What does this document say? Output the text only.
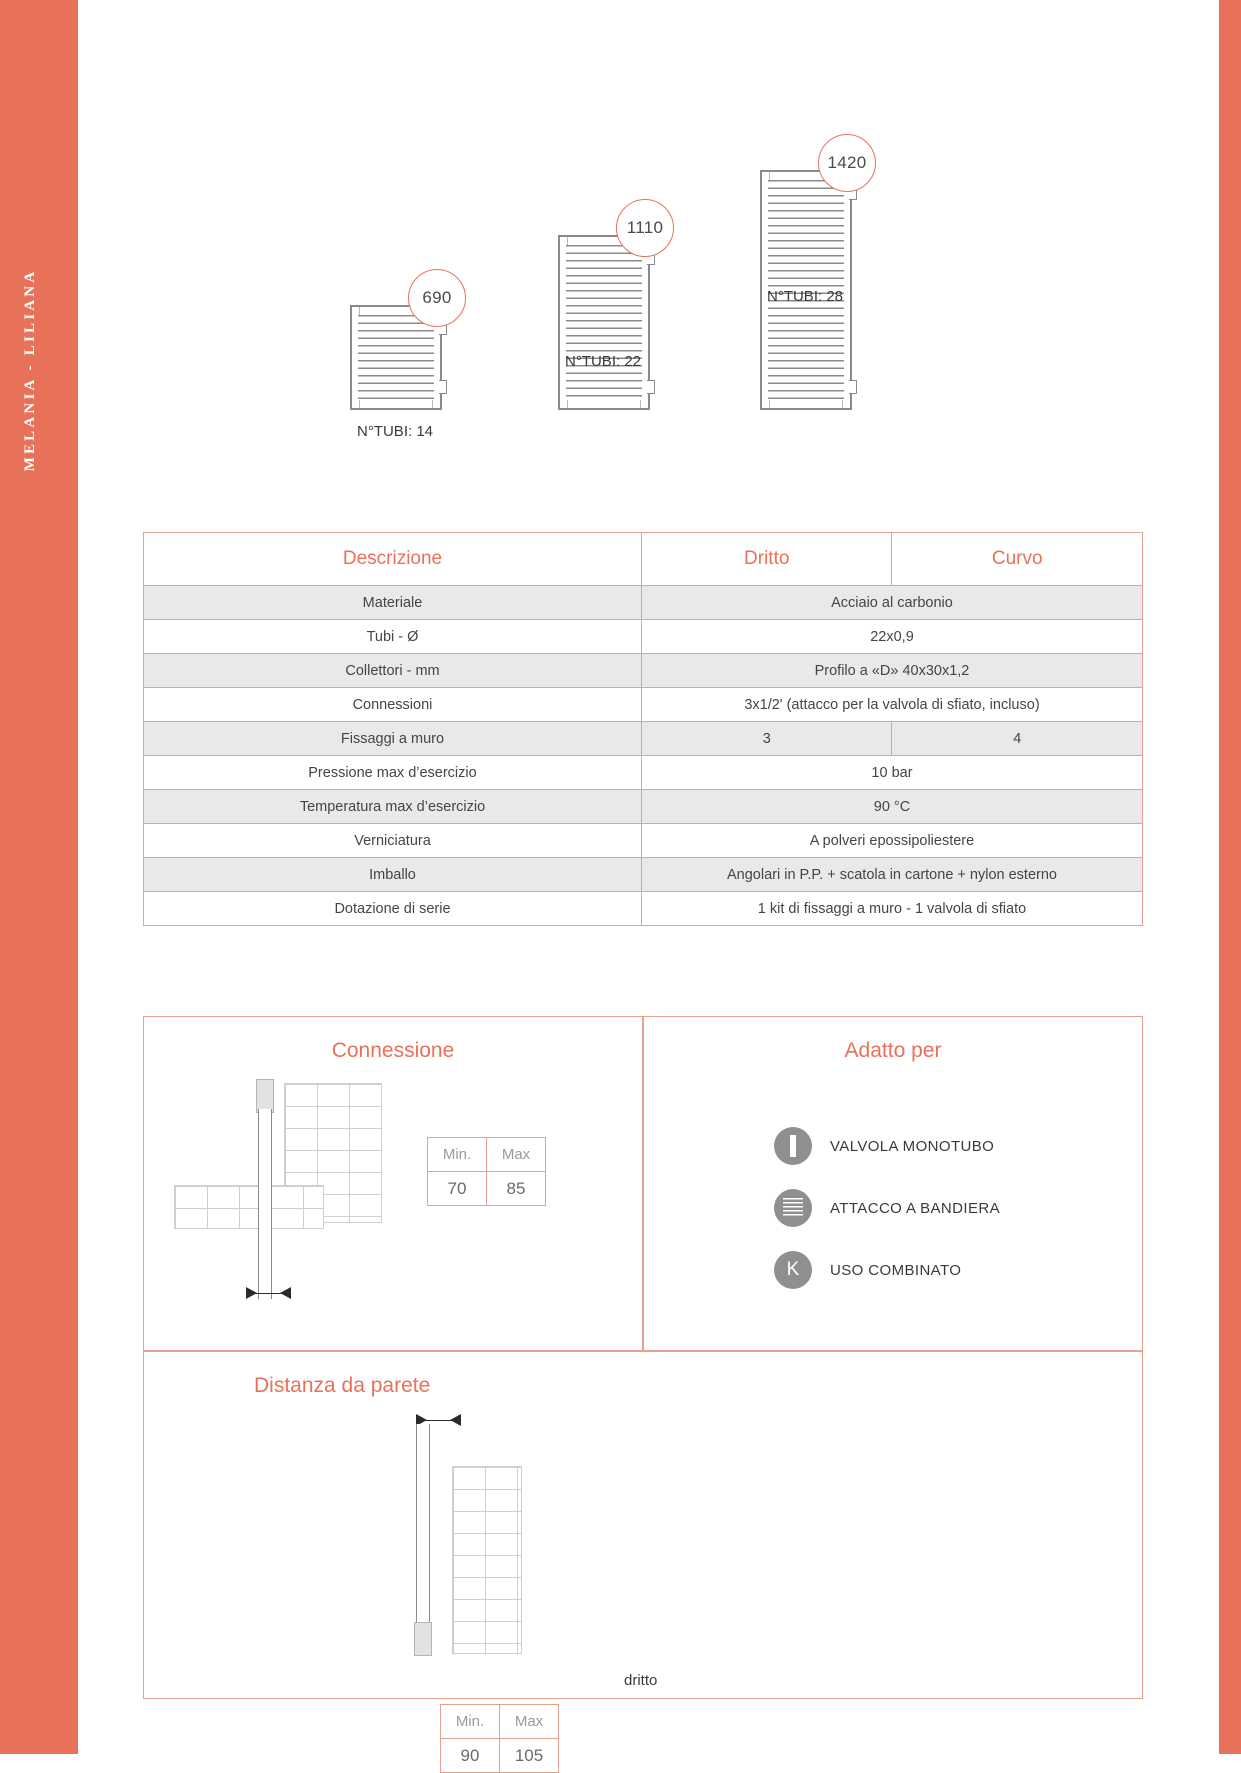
MELANIA - LILIANA	690
N°TUBI: 14
1110
N°TUBI: 22
1420
N°TUBI: 28
Descrizione	Dritto	Curvo
Materiale	Acciaio al carbonio	
Tubi - Ø	22x0,9	
Collettori - mm	Profilo a «D» 40x30x1,2	
Connessioni	3x1/2' (attacco per la valvola di sfiato, incluso)	
Fissaggi a muro	3	4
Pressione max d’esercizio	10 bar	
Temperatura max d’esercizio	90 °C	
Verniciatura	A polveri epossipoliestere	
Imballo	Angolari in P.P. + scatola in cartone + nylon esterno	
Dotazione di serie	1 kit di fissaggi a muro - 1 valvola di sfiato	
Connessione
Min.	Max
70	85
Adatto per
VALVOLA MONOTUBO
ATTACCO A BANDIERA
K	USO COMBINATO
Distanza da parete
dritto
Min.	Max
90	105
